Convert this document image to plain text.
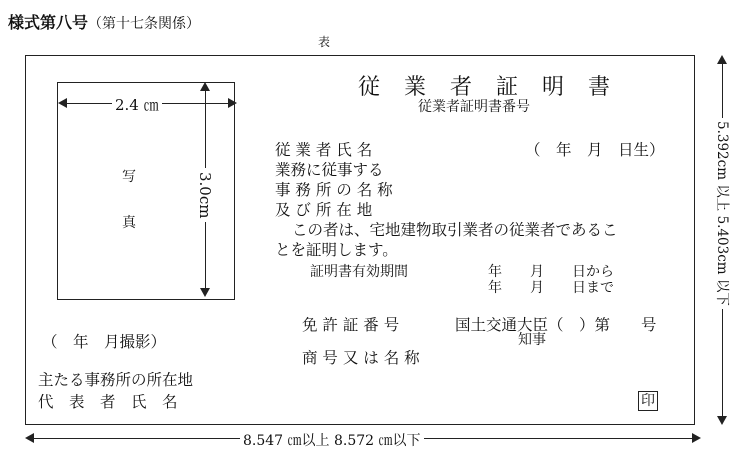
様式第八号（第十七条関係）
表
2.4 ㎝
3.0cm
写
真
（　年　月撮影）
従業者証明書
従業者証明書番号
従 業 者 氏 名	（　年　月　日生）
業務に従事する
事 務 所 の 名 称
及 び 所 在 地
この者は、宅地建物取引業者の従業者であるこ
とを証明します。
証明書有効期間	年　　月　　日から
年　　月　　日まで
免 許 証 番 号	国土交通大臣（　）第　　号
知事
商 号 又 は 名 称
主たる事務所の所在地
代　表　者　氏　名	印
5.392cm 以上 5.403cm 以下
8.547 ㎝以上 8.572 ㎝以下
